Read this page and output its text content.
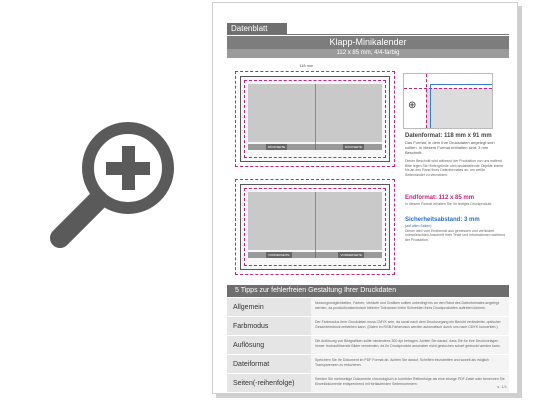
Datenblatt
Klapp-Minikalender
112 x 85 mm, 4/4-farbig
118 mm
RÜCKSEITE	RÜCKSEITE
VORDERSEITE	VORDERSEITE
⊕
Datenformat: 118 mm x 91 mm
Das Format, in dem Ihre Druckdaten angelegt sein sollten. In diesem Format enthalten sind: 3 mm Beschnitt.
Dieser Beschnitt wird während der Produktion von uns entfernt. Bitte legen Sie Hintergründe und randabfallende Objekte immer bis an den Rand Ihres Datenformates an, um weiße Seitenränder zu vermeiden.
Endformat: 112 x 85 mm
In diesem Format erhalten Sie Ihr fertiges Druckprodukt.
Sicherheitsabstand: 3 mm
(auf allen Seiten)
Dieser wird vom Endformat aus gemessen und verhindert unerwünschten Anschnitt Ihrer Texte und Informationen während der Produktion.
5 Tipps zur fehlerfreien Gestaltung Ihrer Druckdaten
Allgemein
Nutzungsmöglichkeiten, Farben, Verläufe und Grafiken sollten unbedingt bis an den Rand des Datenformates angelegt werden, da produktionstechnisch kleinere Toleranzen beim Schneiden Ihres Druckproduktes auftreten können.
Farbmodus
Der Farbmodus Ihrer Druckdaten muss CMYK sein, da sonst nach dem Druckvorgang ein Bericht veränderter, optischer Gesamteindruck entstehen kann. (Daten im RGB-Farbmodus werden automatisch durch uns nach CMYK konvertiert.)
Auflösung
Die Auflösung von Bildgrafiken sollte mindestens 300 dpi betragen. Achten Sie darauf, dass Sie für Ihre Druckvorlagen immer hochauflösende Bilder verwenden, da Ihr Druckprodukt ansonsten nicht gestochen scharf gedruckt werden kann.
Dateiformat
Speichern Sie Ihr Dokument im PDF Format ab. Achten Sie darauf, Schriften einzubetten und soweit als möglich Transparenzen zu reduzieren.
Seiten(-reihenfolge)
Senden Sie mehrseitige Dokumente chronologisch in korrekter Reihenfolge als eine einzige PDF-Datei oder benennen Sie Einzeldokumente entsprechend mit fortlaufenden Seitennummern.
s. 1/1
